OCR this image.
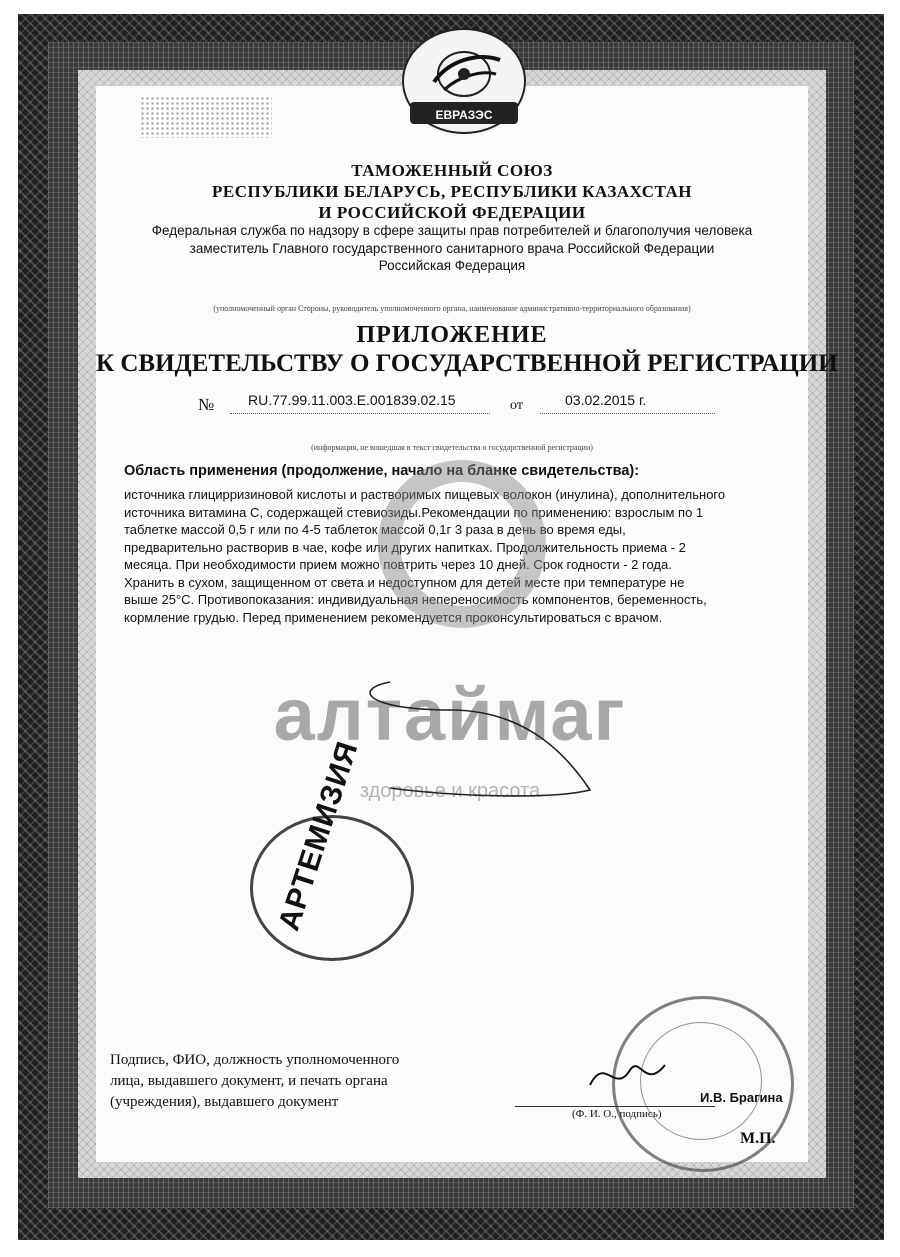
ЕВРАЗЭС
ТАМОЖЕННЫЙ СОЮЗ
РЕСПУБЛИКИ БЕЛАРУСЬ, РЕСПУБЛИКИ КАЗАХСТАН
И РОССИЙСКОЙ ФЕДЕРАЦИИ
Федеральная служба по надзору в сфере защиты прав потребителей и благополучия человека
заместитель Главного государственного санитарного врача Российской Федерации
Российская Федерация
(уполномоченный орган Стороны, руководитель уполномоченного органа, наименование административно-территориального образования)
ПРИЛОЖЕНИЕ
К СВИДЕТЕЛЬСТВУ О ГОСУДАРСТВЕННОЙ РЕГИСТРАЦИИ
№ RU.77.99.11.003.Е.001839.02.15	от	03.02.2015 г.
(информация, не вошедшая в текст свидетельства о государственной регистрации)
Область применения (продолжение, начало на бланке свидетельства):
источника глицирризиновой кислоты и растворимых пищевых волокон (инулина), дополнительного
источника витамина С, содержащей стевиозиды.Рекомендации по применению: взрослым по 1
таблетке массой 0,5 г или по 4-5 таблеток массой 0,1г 3 раза в день во время еды,
предварительно растворив в чае, кофе или других напитках. Продолжительность приема - 2
месяца. При необходимости прием можно повтрить через 10 дней. Срок годности - 2 года.
Хранить в сухом, защищенном от света и недоступном для детей месте при температуре не
выше 25°С. Противопоказания: индивидуальная непереносимость компонентов, беременность,
кормление грудью. Перед применением рекомендуется проконсультироваться с врачом.
алтаймаг
здоровье и красота
АРТЕМИЗИЯ
Подпись, ФИО, должность уполномоченного
лица, выдавшего документ, и печать органа
(учреждения), выдавшего документ
(Ф. И. О., подпись)
И.В. Брагина
М.П.
